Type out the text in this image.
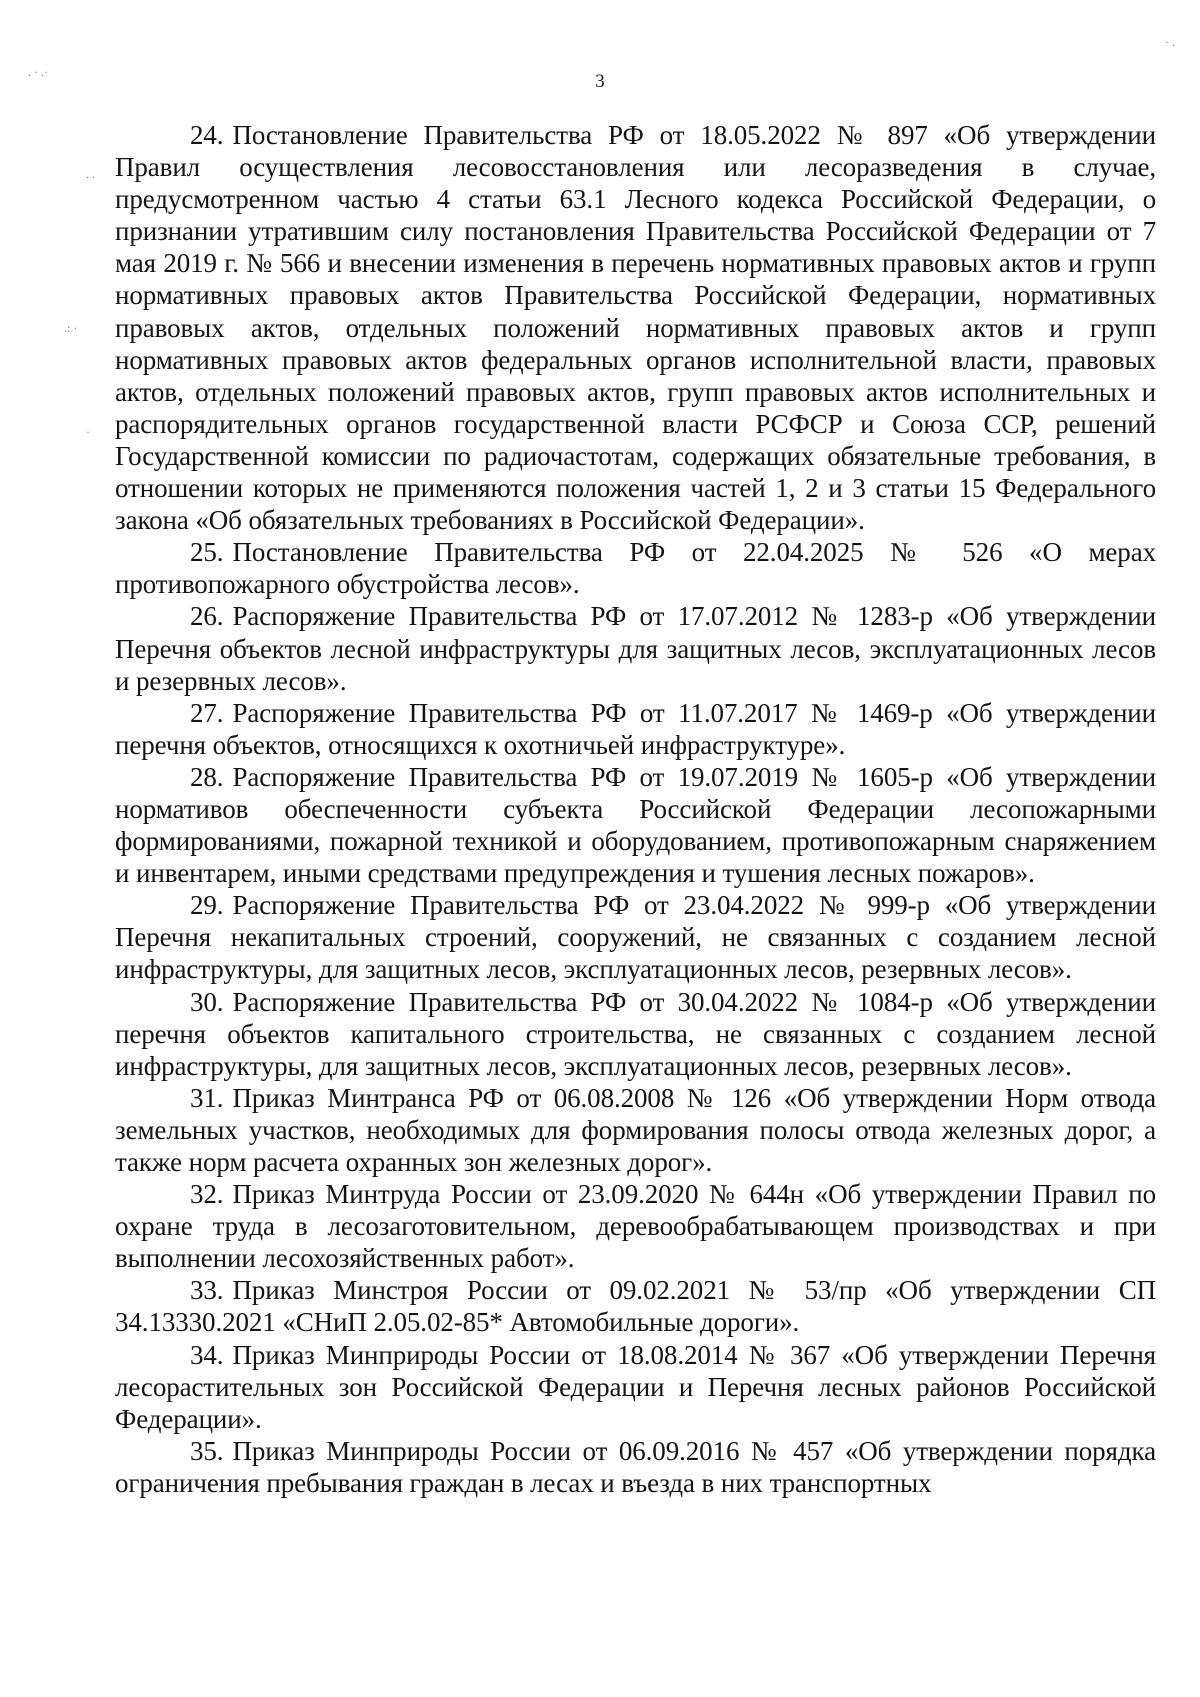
3
. · .·
· .
. .
.: ·
·

24. Постановление Правительства РФ от 18.05.2022 № 897 «Об утверждении Правил осуществления лесовосстановления или лесоразведения в случае, предусмотренном частью 4 статьи 63.1 Лесного кодекса Российской Федерации, о признании утратившим силу постановления Правительства Российской Федерации от 7 мая 2019 г. № 566 и внесении изменения в перечень нормативных правовых актов и групп нормативных правовых актов Правительства Российской Федерации, нормативных правовых актов, отдельных положений нормативных правовых актов и групп нормативных правовых актов федеральных органов исполнительной власти, правовых актов, отдельных положений правовых актов, групп правовых актов исполнительных и распорядительных органов государственной власти РСФСР и Союза ССР, решений Государственной комиссии по радиочастотам, содержащих обязательные требования, в отношении которых не применяются положения частей 1, 2 и 3 статьи 15 Федерального закона «Об обязательных требованиях в Российской Федерации».

25. Постановление Правительства РФ от 22.04.2025 № 526 «О мерах противопожарного обустройства лесов».

26. Распоряжение Правительства РФ от 17.07.2012 № 1283-р «Об утверждении Перечня объектов лесной инфраструктуры для защитных лесов, эксплуатационных лесов и резервных лесов».

27. Распоряжение Правительства РФ от 11.07.2017 № 1469-р «Об утверждении перечня объектов, относящихся к охотничьей инфраструктуре».

28. Распоряжение Правительства РФ от 19.07.2019 № 1605-р «Об утверждении нормативов обеспеченности субъекта Российской Федерации лесопожарными формированиями, пожарной техникой и оборудованием, противопожарным снаряжением и инвентарем, иными средствами предупреждения и тушения лесных пожаров».

29. Распоряжение Правительства РФ от 23.04.2022 № 999-р «Об утверждении Перечня некапитальных строений, сооружений, не связанных с созданием лесной инфраструктуры, для защитных лесов, эксплуатационных лесов, резервных лесов».

30. Распоряжение Правительства РФ от 30.04.2022 № 1084-р «Об утверждении перечня объектов капитального строительства, не связанных с созданием лесной инфраструктуры, для защитных лесов, эксплуатационных лесов, резервных лесов».

31. Приказ Минтранса РФ от 06.08.2008 № 126 «Об утверждении Норм отвода земельных участков, необходимых для формирования полосы отвода железных дорог, а также норм расчета охранных зон железных дорог».

32. Приказ Минтруда России от 23.09.2020 № 644н «Об утверждении Правил по охране труда в лесозаготовительном, деревообрабатывающем производствах и при выполнении лесохозяйственных работ».

33. Приказ Минстроя России от 09.02.2021 № 53/пр «Об утверждении СП 34.13330.2021 «СНиП 2.05.02-85* Автомобильные дороги».

34. Приказ Минприроды России от 18.08.2014 № 367 «Об утверждении Перечня лесорастительных зон Российской Федерации и Перечня лесных районов Российской Федерации».

35. Приказ Минприроды России от 06.09.2016 № 457 «Об утверждении порядка ограничения пребывания граждан в лесах и въезда в них транспортных
